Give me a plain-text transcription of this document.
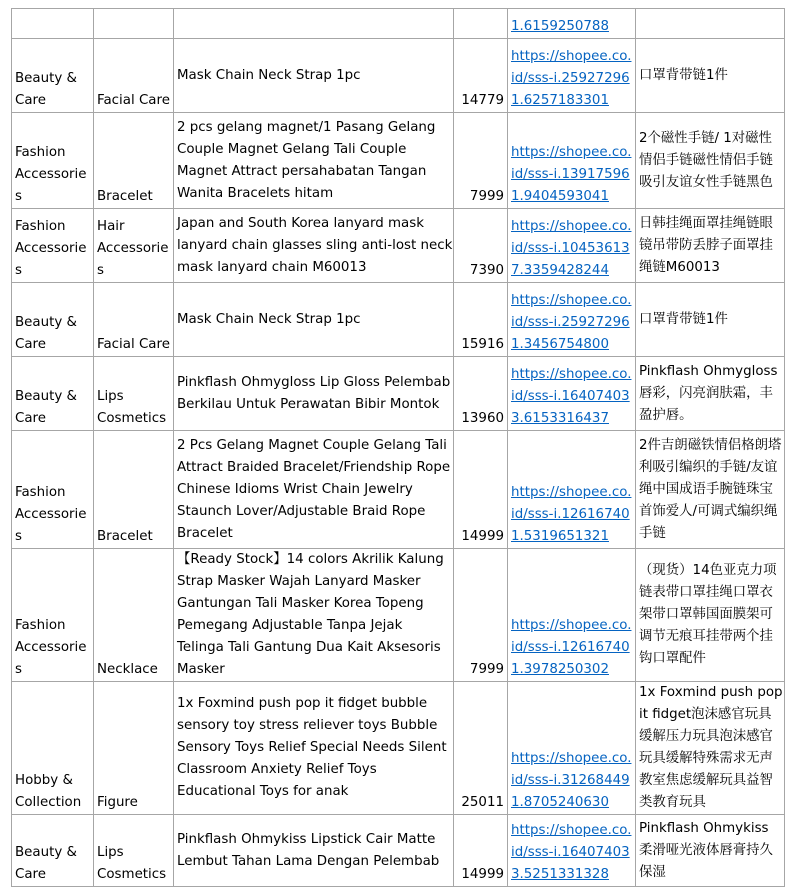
				1.6159250788	
Beauty &
Care	Facial Care	Mask Chain Neck Strap 1pc	14779	https://shopee.co.id/sss-i.259272961.6257183301	口罩背带链1件
Fashion
Accessorie
s	Bracelet	2 pcs gelang magnet/1 Pasang Gelang Couple Magnet Gelang Tali Couple Magnet Attract persahabatan Tangan Wanita Bracelets hitam	7999	https://shopee.co.id/sss-i.139175961.9404593041	2个磁性手链/ 1对磁性情侣手链磁性情侣手链吸引友谊女性手链黑色
Fashion
Accessorie
s	Hair
Accessorie
s	Japan and South Korea lanyard mask lanyard chain glasses sling anti-lost neck mask lanyard chain M60013	7390	https://shopee.co.id/sss-i.104536137.3359428244	日韩挂绳面罩挂绳链眼镜吊带防丢脖子面罩挂绳链M60013
Beauty &
Care	Facial Care	Mask Chain Neck Strap 1pc	15916	https://shopee.co.id/sss-i.259272961.3456754800	口罩背带链1件
Beauty &
Care	Lips
Cosmetics	Pinkflash Ohmygloss Lip Gloss Pelembab Berkilau Untuk Perawatan Bibir Montok	13960	https://shopee.co.id/sss-i.164074033.6153316437	Pinkflash Ohmygloss 唇彩，闪亮润肤霜，丰盈护唇。
Fashion
Accessorie
s	Bracelet	2 Pcs Gelang Magnet Couple Gelang Tali Attract Braided Bracelet/Friendship Rope Chinese Idioms Wrist Chain Jewelry Staunch Lover/Adjustable Braid Rope Bracelet	14999	https://shopee.co.id/sss-i.126167401.5319651321	2件吉朗磁铁情侣格朗塔利吸引编织的手链/友谊绳中国成语手腕链珠宝首饰爱人/可调式编织绳手链
Fashion
Accessorie
s	Necklace	【Ready Stock】14 colors Akrilik Kalung Strap Masker Wajah Lanyard Masker Gantungan Tali Masker Korea Topeng Pemegang Adjustable Tanpa Jejak Telinga Tali Gantung Dua Kait Aksesoris Masker	7999	https://shopee.co.id/sss-i.126167401.3978250302	（现货）14色亚克力项链表带口罩挂绳口罩衣架带口罩韩国面膜架可调节无痕耳挂带两个挂钩口罩配件
Hobby &
Collection	Figure	1x Foxmind push pop it fidget bubble sensory toy stress reliever toys Bubble Sensory Toys Relief Special Needs Silent Classroom Anxiety Relief Toys Educational Toys for anak	25011	https://shopee.co.id/sss-i.312684491.8705240630	1x Foxmind push pop it fidget泡沫感官玩具缓解压力玩具泡沫感官玩具缓解特殊需求无声教室焦虑缓解玩具益智类教育玩具
Beauty &
Care	Lips
Cosmetics	Pinkflash Ohmykiss Lipstick Cair Matte Lembut Tahan Lama Dengan Pelembab	14999	https://shopee.co.id/sss-i.164074033.5251331328	Pinkflash Ohmykiss 柔滑哑光液体唇膏持久保湿
